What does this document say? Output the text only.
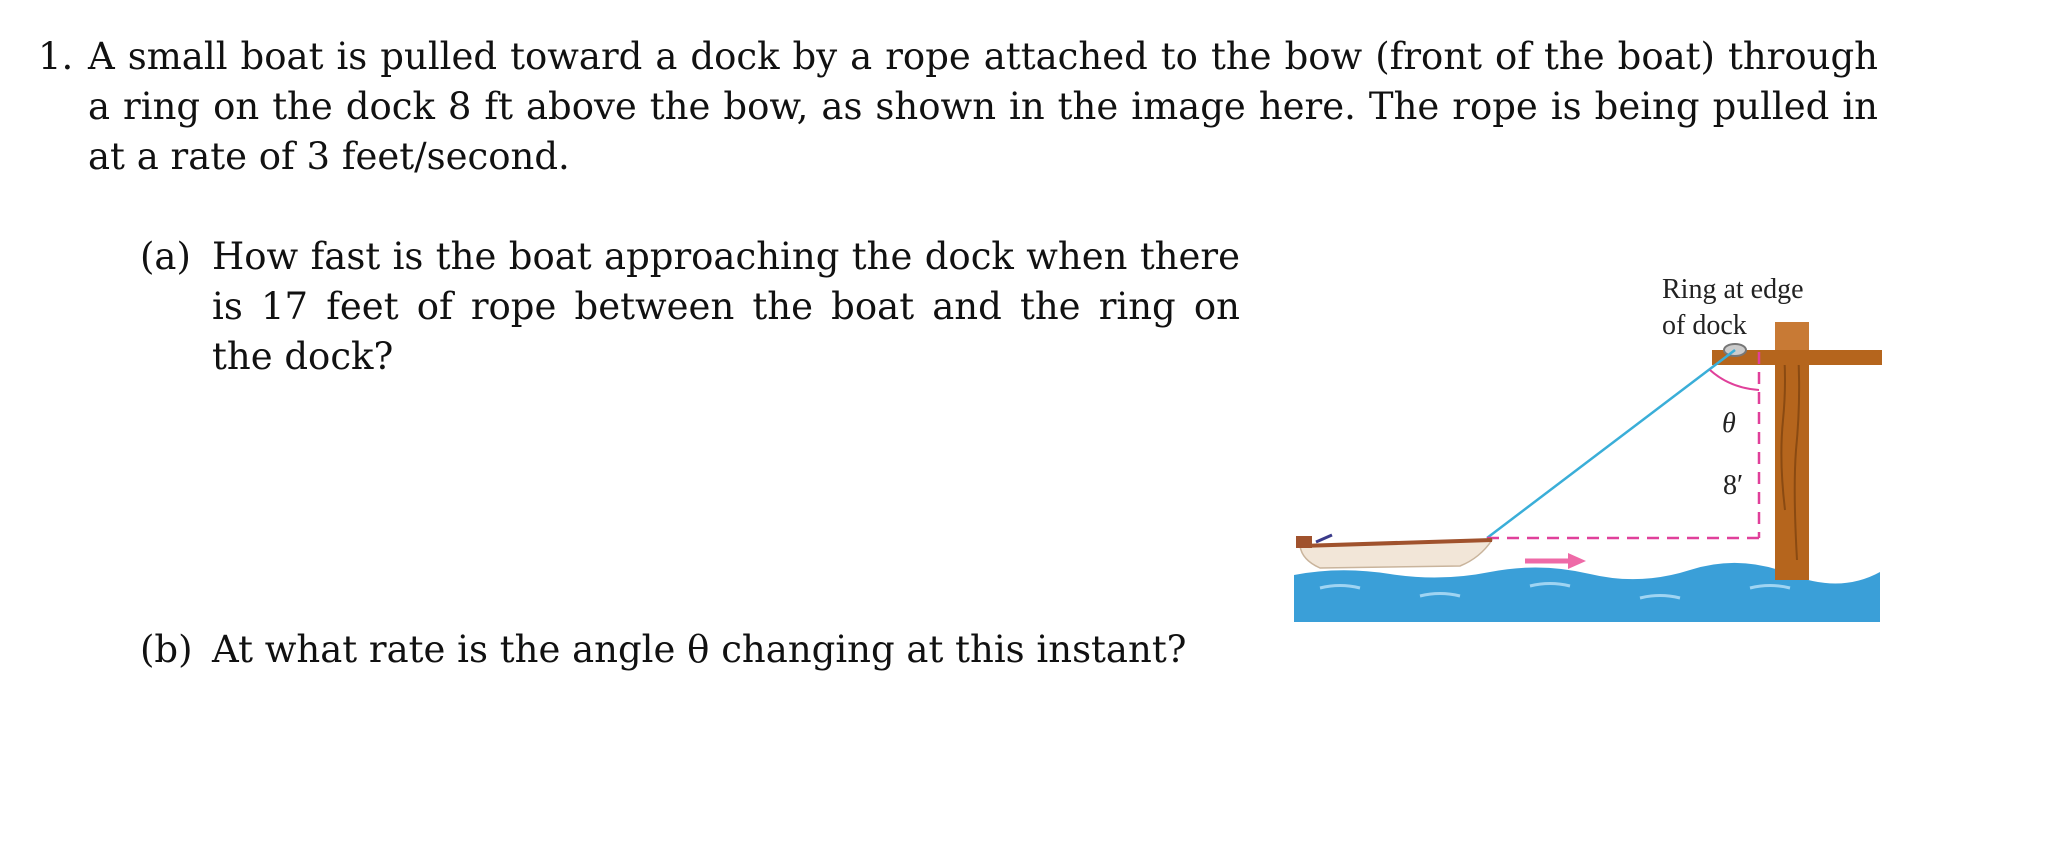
1. A small boat is pulled toward a dock by a rope attached to the bow (front of the boat) through a ring on the dock 8 ft above the bow, as shown in the image here. The rope is being pulled in at a rate of 3 feet/second.
(a) How fast is the boat approaching the dock when there is 17 feet of rope between the boat and the ring on the dock?
(b) At what rate is the angle θ changing at this instant?
Ring at edge
of dock
θ
8′
